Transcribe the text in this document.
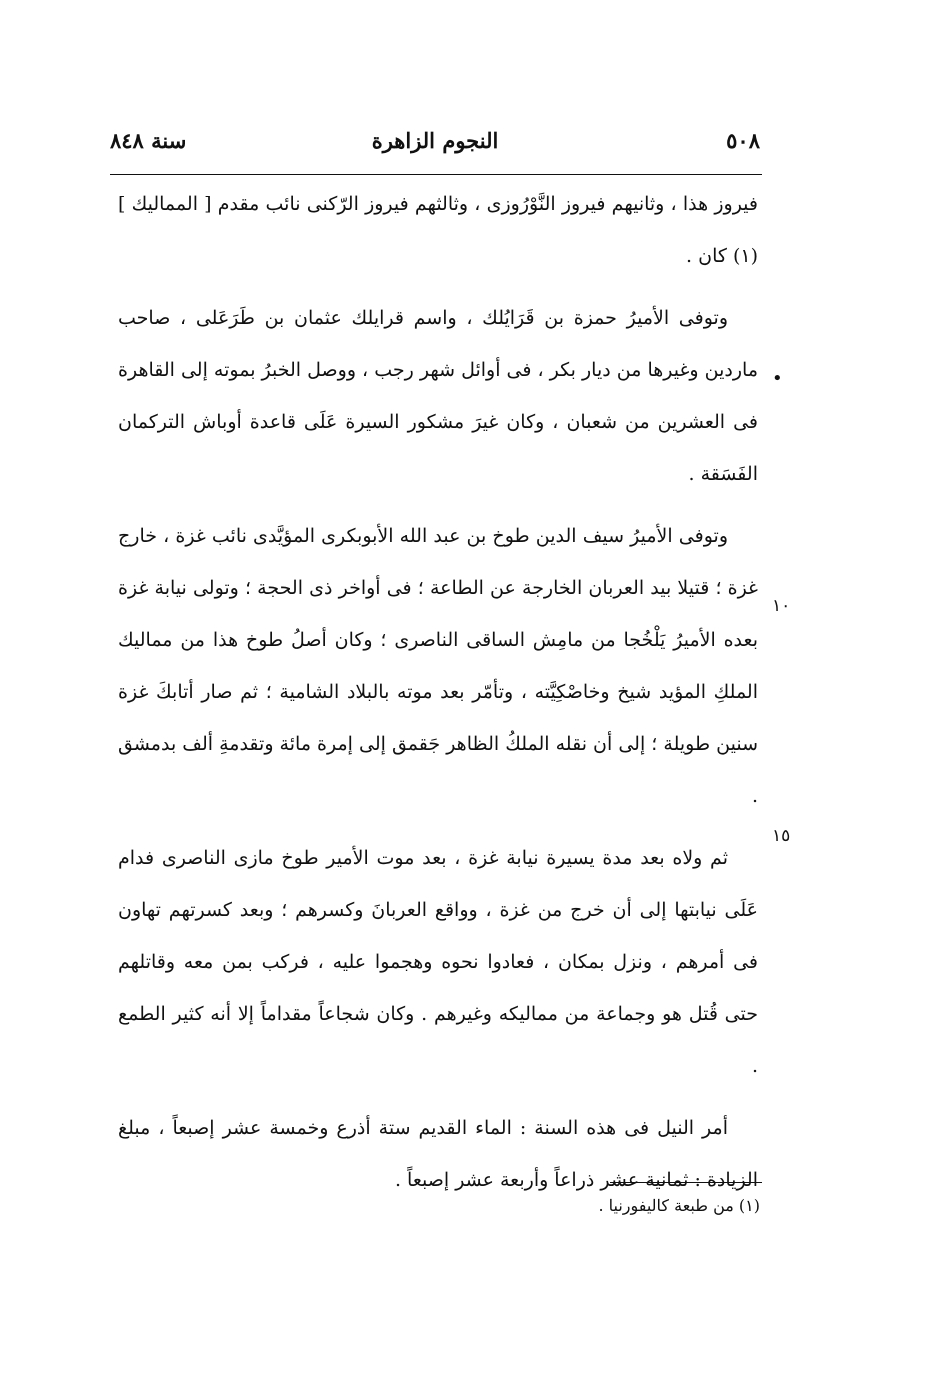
سنة ٨٤٨	النجوم الزاهرة	٥٠٨

فيروز هذا ، وثانيهم فيروز النَّوْرُوزى ، وثالثهم فيروز الرّكنى نائب مقدم [ المماليك ](١) كان .

وتوفى الأميرُ حمزة بن قَرَايُلك ، واسم قرايلك عثمان بن طَرَعَلى ، صاحب ماردين وغيرها من ديار بكر ، فى أوائل شهر رجب ، ووصل الخبرُ بموته إلى القاهرة فى العشرين من شعبان ، وكان غيرَ مشكور السيرة عَلَى قاعدة أوباش التركمان الفَسَقة .

وتوفى الأميرُ سيف الدين طوخ بن عبد الله الأبوبكرى المؤيَّدى نائب غزة ، خارج غزة ؛ قتيلا بيد العربان الخارجة عن الطاعة ؛ فى أواخر ذى الحجة ؛ وتولى نيابة غزة بعده الأميرُ يَلْخُجا من مامِش الساقى الناصرى ؛ وكان أصلُ طوخ هذا من مماليك الملكِ المؤيد شيخ وخاصْكِيَّته ، وتأمّر بعد موته بالبلاد الشامية ؛ ثم صار أتابكَ غزة سنين طويلة ؛ إلى أن نقله الملكُ الظاهر جَقمق إلى إمرة مائة وتقدمةِ ألف بدمشق .

ثم ولاه بعد مدة يسيرة نيابة غزة ، بعد موت الأمير طوخ مازى الناصرى فدام عَلَى نيابتها إلى أن خرج من غزة ، وواقع العربانَ وكسرهم ؛ وبعد كسرتهم تهاون فى أمرهم ، ونزل بمكان ، فعادوا نحوه وهجموا عليه ، فركب بمن معه وقاتلهم حتى قُتل هو وجماعة من مماليكه وغيرهم . وكان شجاعاً مقداماً إلا أنه كثير الطمع .

أمر النيل فى هذه السنة : الماء القديم ستة أذرع وخمسة عشر إصبعاً ، مبلغ الزيادة : ثمانية عشر ذراعاً وأربعة عشر إصبعاً .

•
١٠
١٥
(١) من طبعة كاليفورنيا .
